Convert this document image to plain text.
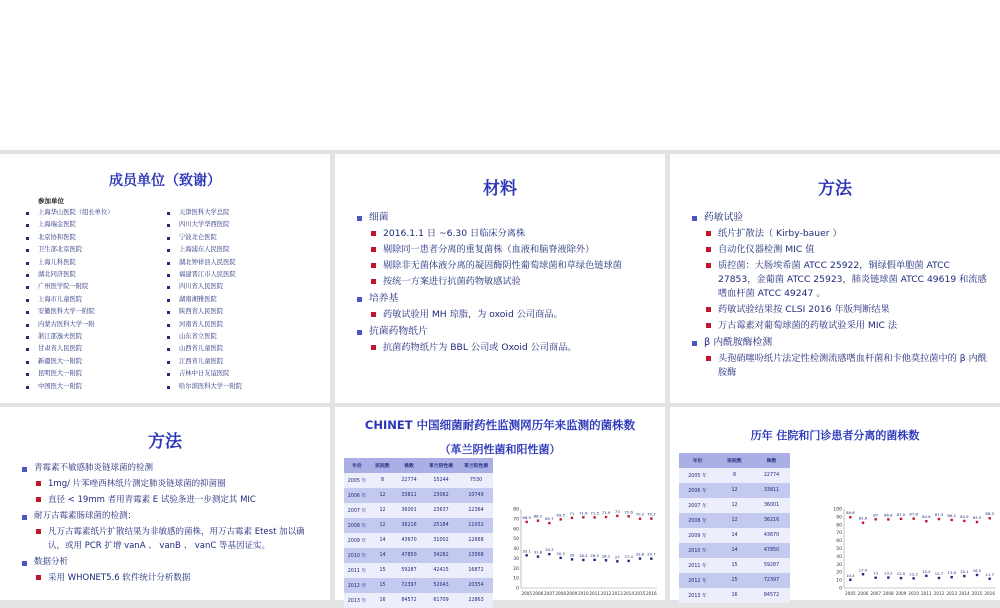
成员单位（致谢）
参加单位
上海华山医院（组长单位）
上海瑞金医院
北京协和医院
卫生部北京医院
上海儿科医院
湖北同济医院
广州医学院一附院
上海市儿童医院
安徽医科大学一附院
内蒙古医科大学一附
浙江邵逸夫医院
甘肃省人民医院
新疆医大一附院
昆明医大一附院
中国医大一附院
天津医科大学总院
四川大学华西医院
宁波北仑医院
上海浦东人民医院
湖北钟祥县人民医院
福建晋江市人民医院
四川省人民医院
湖南湘雅医院
陕西省人民医院
河南省人民医院
山东省立医院
山西省儿童医院
江西省儿童医院
吉林中日友谊医院
哈尔滨医科大学一附院
材料
细菌
2016.1.1 日 ~6.30 日临床分离株
剔除同一患者分离的重复菌株（血液和脑脊液除外）
剔除非无菌体液分离的凝固酶阴性葡萄球菌和草绿色链球菌
按统一方案进行抗菌药物敏感试验
培养基
药敏试验用 MH 琼脂，为 oxoid 公司商品。
抗菌药物纸片
抗菌药物纸片为 BBL 公司或 Oxoid 公司商品。
方法
药敏试验
纸片扩散法（ Kirby-bauer ）
自动化仪器检测 MIC 值
质控菌：大肠埃希菌 ATCC 25922，铜绿假单胞菌 ATCC 27853，金葡菌 ATCC 25923，肺炎链球菌 ATCC 49619 和流感嗜血杆菌 ATCC 49247 。
药敏试验结果按 CLSI 2016 年版判断结果
万古霉素对葡萄球菌的药敏试验采用 MIC 法
β 内酰胺酶检测
头孢硝噻吩纸片法定性检测流感嗜血杆菌和卡他莫拉菌中的 β 内酰胺酶
方法
青霉素不敏感肺炎链球菌的检测
1mg/ 片苯唑西林纸片测定肺炎链球菌的抑菌圈
直径 < 19mm 者用青霉素 E 试验条进一步测定其 MIC
耐万古霉素肠球菌的检测：
凡万古霉素纸片扩散结果为非敏感的菌株，用万古霉素 Etest 加以确认，或用 PCR 扩增 vanA 、 vanB 、 vanC 等基因证实。
数据分析
采用 WHONET5.6 软件统计分析数据
CHINET 中国细菌耐药性监测网历年来监测的菌株数
（革兰阴性菌和阳性菌）
年份	医院数	株数	革兰阴性菌	革兰阳性菌
2005 年	8	22774	15244	7530
2006 年	12	33811	23062	10749
2007 年	12	36001	23637	12364
2008 年	12	36216	25184	11032
2009 年	14	43670	31002	12668
2010 年	14	47850	34282	13568
2011 年	15	59287	42415	16872
2012 年	15	72397	52043	20354
2013 年	16	84572	61709	22863
0
10
20
30
40
50
60
70
80
2005 2006 2007 2008 2009 2010 2011 2012 2013 2014 2015 2016
66.9 68.2 65.7
69.5 71 71.6 71.5 71.9 73 72.6 70.2 70.3
33.1 31.8 34.3
30.5 29 28.4 28.5 28.1 27 27.4 29.8 29.7
历年 住院和门诊患者分离的菌株数
年份	医院数	株数
2005 年	8	22774
2006 年	12	33811
2007 年	12	36001
2008 年	12	36216
2009 年	14	43670
2010 年	14	47850
2011 年	15	59287
2012 年	15	72397
2013 年	16	84572
0
10
20
30
40
50
60
70
80
90
100
2005 2006 2007 2008 2009 2010 2011 2012 2013 2014 2015 2016
89.6
82.6
87 86.8 87.5 87.8
84.6 87.3 86.2 84.9 83.5
88.3
10.4
17.4
13 13.2 12.5 12.2
15.4 12.7 13.8 15.1 16.5
11.7
